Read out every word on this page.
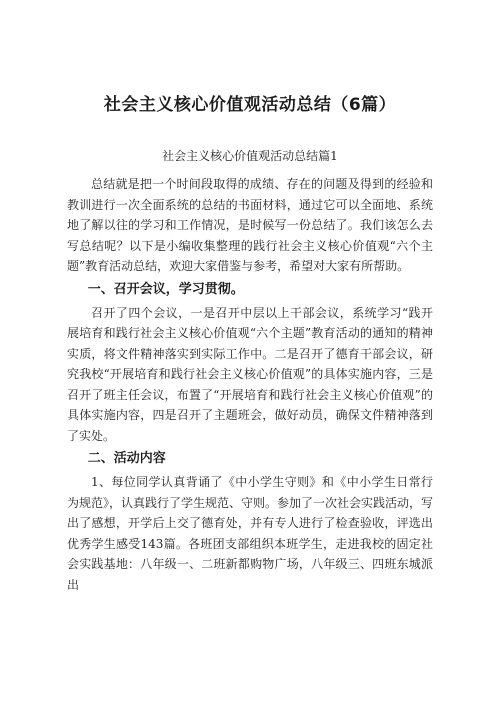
社会主义核心价值观活动总结（6篇）
社会主义核心价值观活动总结篇1

总结就是把一个时间段取得的成绩、存在的问题及得到的经验和教训进行一次全面系统的总结的书面材料，通过它可以全面地、系统地了解以往的学习和工作情况，是时候写一份总结了。我们该怎么去写总结呢？以下是小编收集整理的践行社会主义核心价值观“六个主题”教育活动总结，欢迎大家借鉴与参考，希望对大家有所帮助。

一、召开会议，学习贯彻。

召开了四个会议，一是召开中层以上干部会议，系统学习“践开展培育和践行社会主义核心价值观“六个主题”教育活动的通知的精神实质，将文件精神落实到实际工作中。二是召开了德育干部会议，研究我校“开展培育和践行社会主义核心价值观”的具体实施内容，三是召开了班主任会议，布置了“开展培育和践行社会主义核心价值观”的具体实施内容，四是召开了主题班会，做好动员，确保文件精神落到了实处。

二、活动内容

1、每位同学认真背诵了《中小学生守则》和《中小学生日常行为规范》，认真践行了学生规范、守则。参加了一次社会实践活动，写出了感想，开学后上交了德育处，并有专人进行了检查验收，评选出优秀学生感受143篇。各班团支部组织本班学生，走进我校的固定社会实践基地：八年级一、二班新都购物广场，八年级三、四班东城派出
